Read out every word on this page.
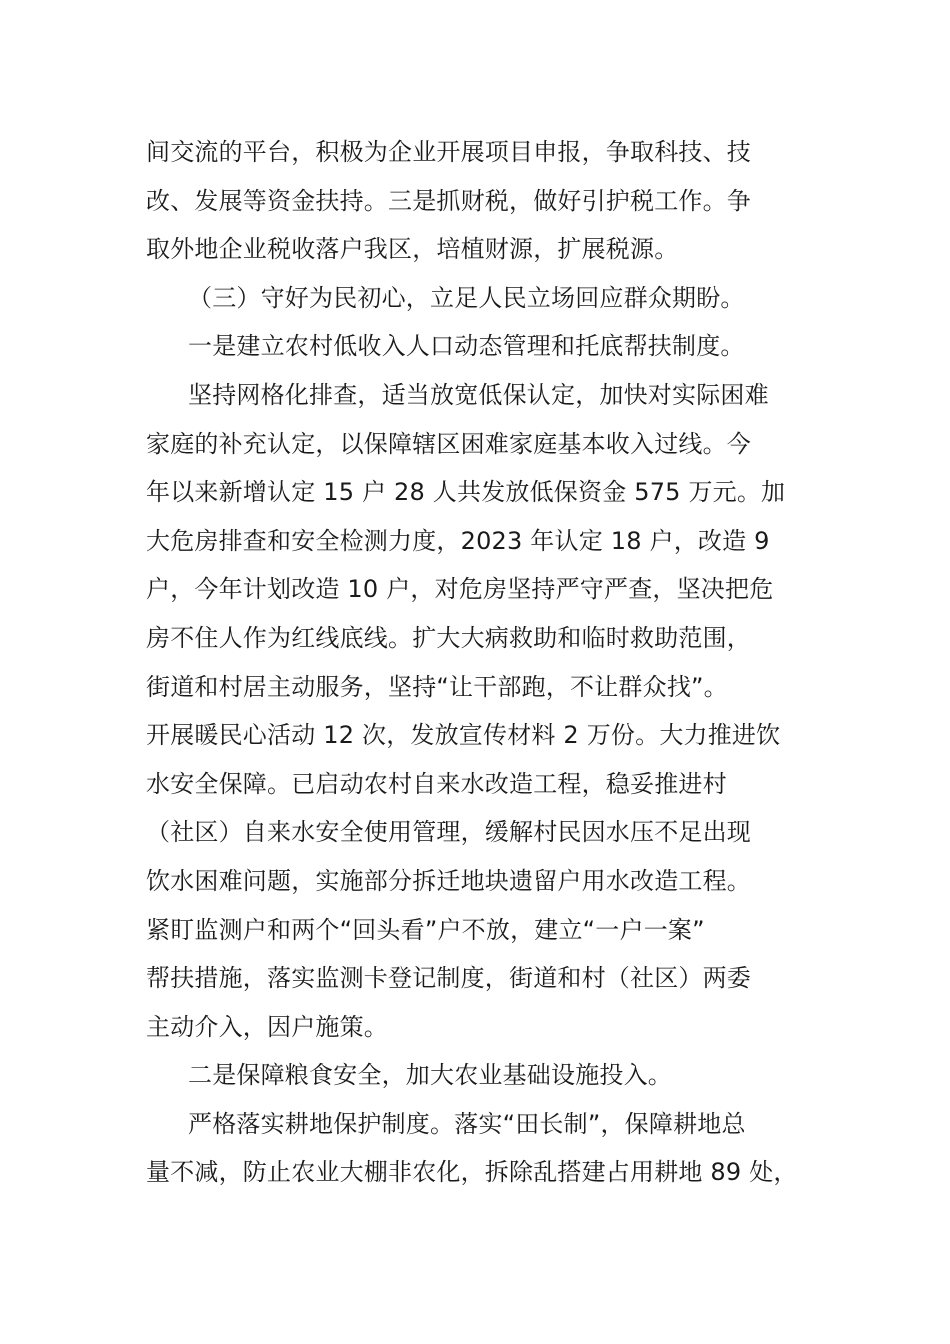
间交流的平台，积极为企业开展项目申报，争取科技、技
改、发展等资金扶持。三是抓财税，做好引护税工作。争
取外地企业税收落户我区，培植财源，扩展税源。
（三）守好为民初心，立足人民立场回应群众期盼。
一是建立农村低收入人口动态管理和托底帮扶制度。
坚持网格化排查，适当放宽低保认定，加快对实际困难
家庭的补充认定，以保障辖区困难家庭基本收入过线。今
年以来新增认定 15 户 28 人共发放低保资金 575 万元。加
大危房排查和安全检测力度，2023 年认定 18 户，改造 9
户，今年计划改造 10 户，对危房坚持严守严查，坚决把危
房不住人作为红线底线。扩大大病救助和临时救助范围，
街道和村居主动服务，坚持“让干部跑，不让群众找”。
开展暖民心活动 12 次，发放宣传材料 2 万份。大力推进饮
水安全保障。已启动农村自来水改造工程，稳妥推进村
（社区）自来水安全使用管理，缓解村民因水压不足出现
饮水困难问题，实施部分拆迁地块遗留户用水改造工程。
紧盯监测户和两个“回头看”户不放，建立“一户一案”
帮扶措施，落实监测卡登记制度，街道和村（社区）两委
主动介入，因户施策。
二是保障粮食安全，加大农业基础设施投入。
严格落实耕地保护制度。落实“田长制”，保障耕地总
量不减，防止农业大棚非农化，拆除乱搭建占用耕地 89 处，
